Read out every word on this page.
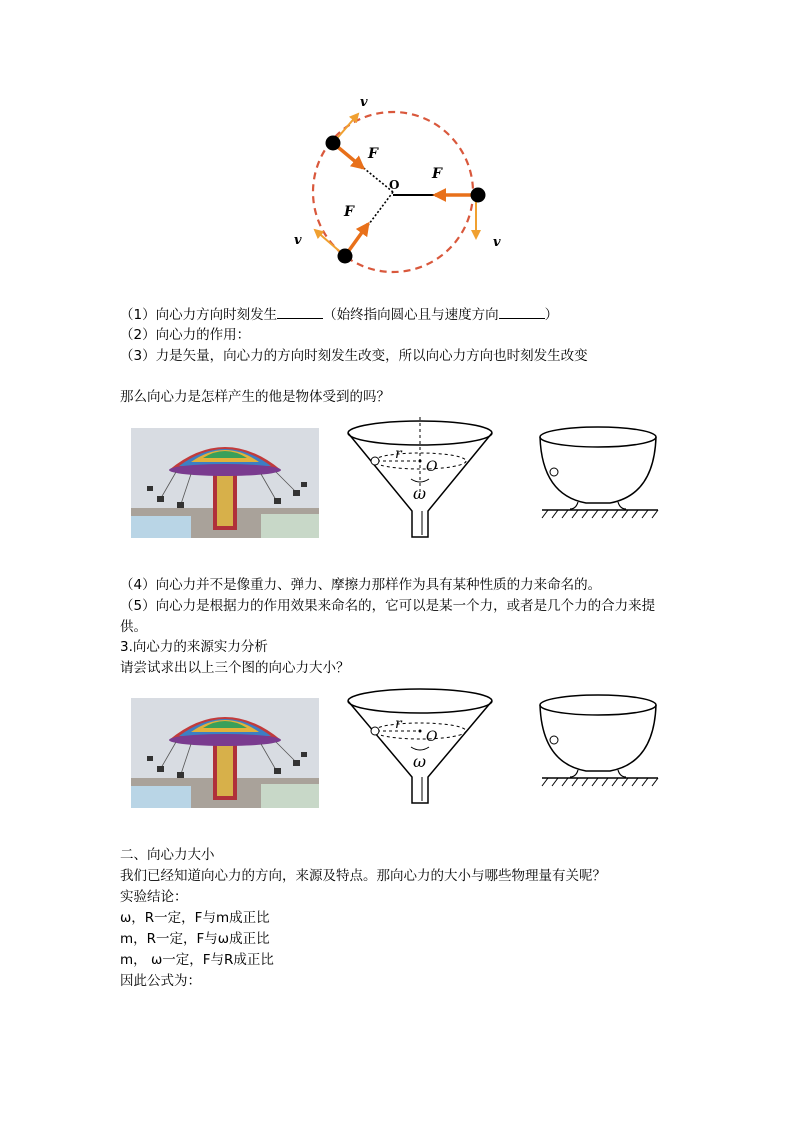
v
F
O
F
F
v	v
（1）向心力方向时刻发生	（始终指向圆心且与速度方向	）
（2）向心力的作用：
（3）力是矢量，向心力的方向时刻发生改变，所以向心力方向也时刻发生改变
那么向心力是怎样产生的他是物体受到的吗？
r
O
ω
（4）向心力并不是像重力、弹力、摩擦力那样作为具有某种性质的力来命名的。
（5）向心力是根据力的作用效果来命名的，它可以是某一个力，或者是几个力的合力来提
供。
3.向心力的来源实力分析
请尝试求出以上三个图的向心力大小？
r
O
ω
二、向心力大小
我们已经知道向心力的方向，来源及特点。那向心力的大小与哪些物理量有关呢？
实验结论：
ω，R一定，F与m成正比
m，R一定，F与ω成正比
m， ω一定，F与R成正比
因此公式为：
